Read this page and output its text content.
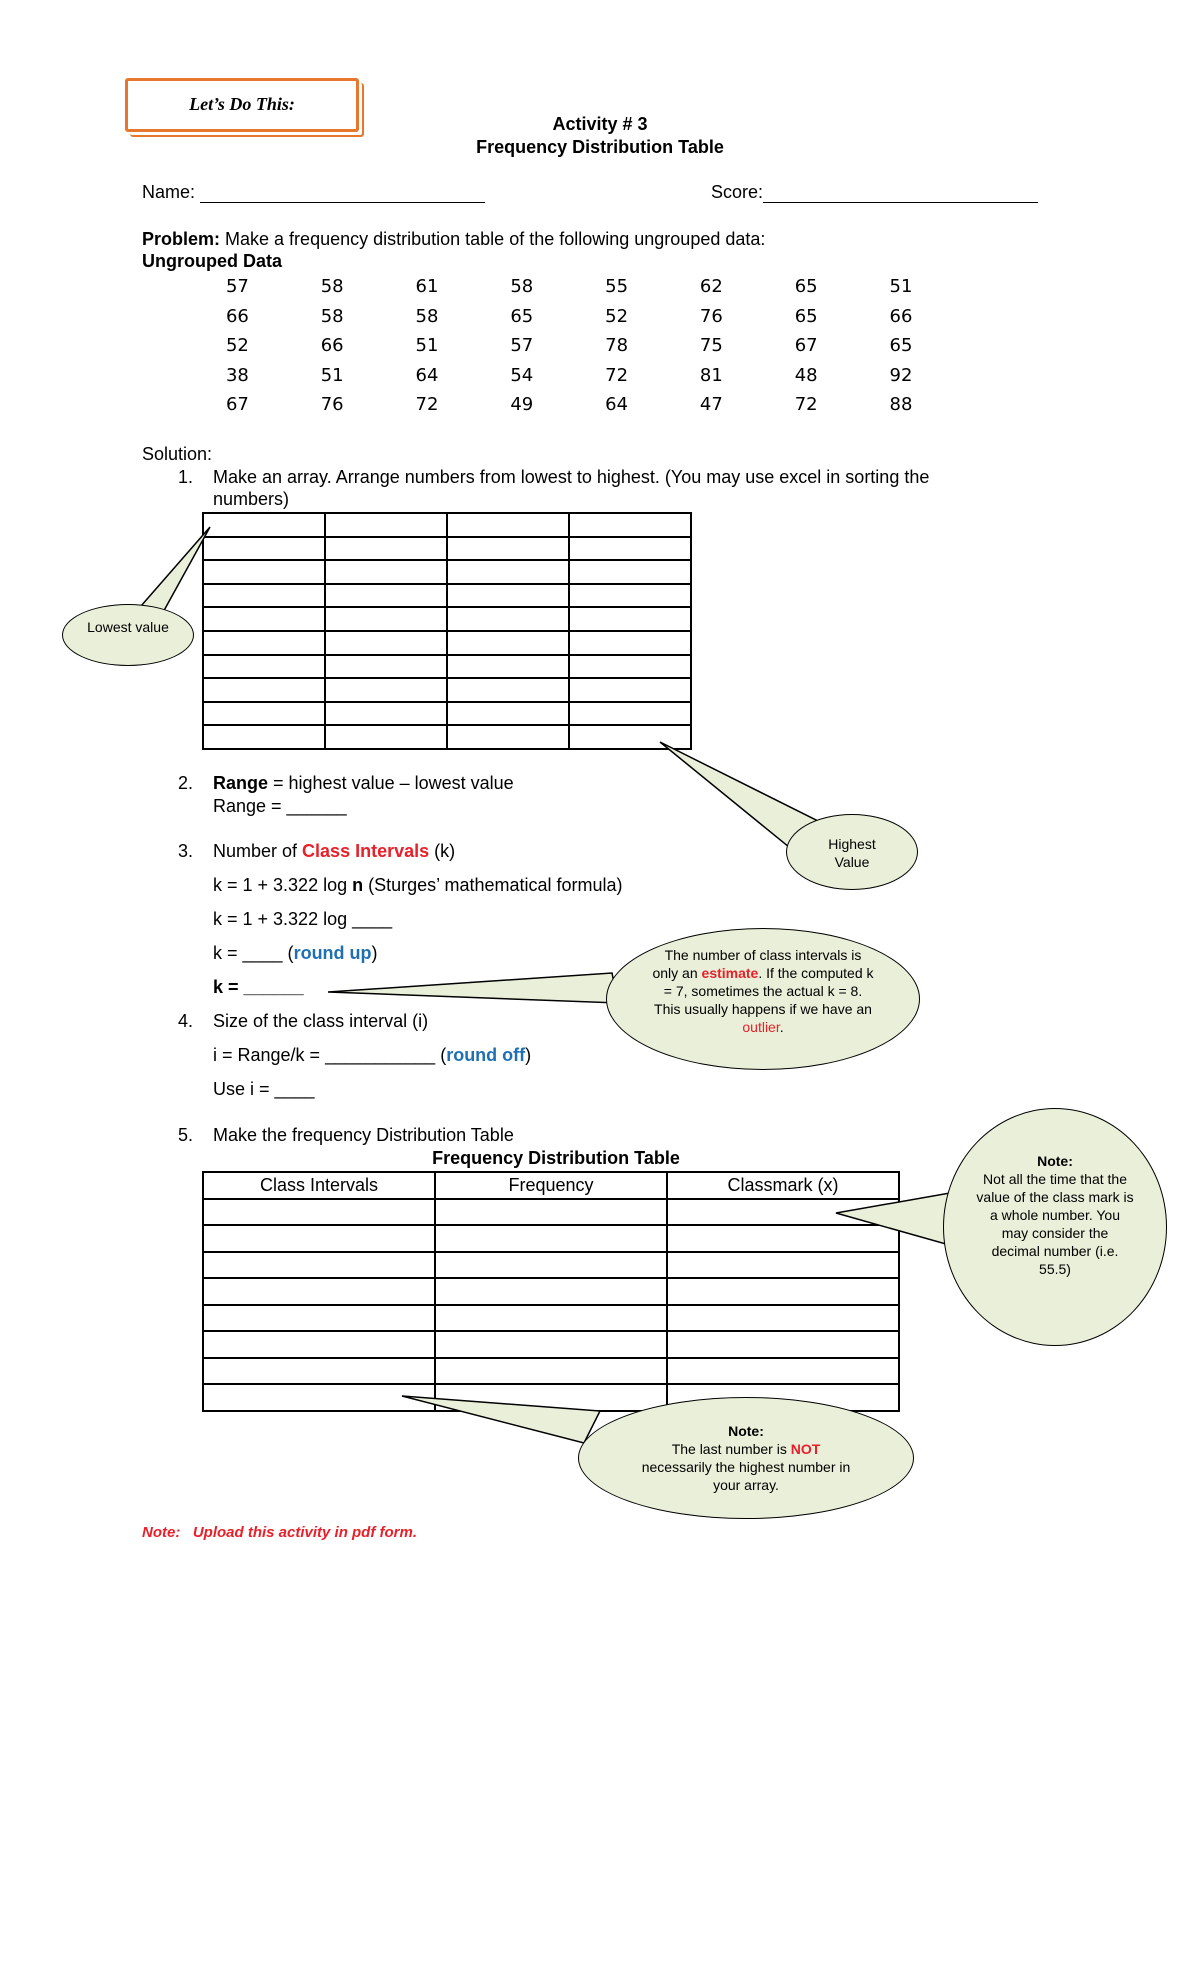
Let’s Do This:
Activity # 3
Frequency Distribution Table
Name:	Score:
Problem: Make a frequency distribution table of the following ungrouped data:
Ungrouped Data
57	58	61	58	55	62	65	51
66	58	58	65	52	76	65	66
52	66	51	57	78	75	67	65
38	51	64	54	72	81	48	92
67	76	72	49	64	47	72	88
Solution:
1. Make an array. Arrange numbers from lowest to highest. (You may use excel in sorting the
numbers)

2. Range = highest value – lowest value
Range = ______
3. Number of Class Intervals (k)
k = 1 + 3.322 log n (Sturges’ mathematical formula)
k = 1 + 3.322 log ____
k = ____ (round up)
k = ______
4. Size of the class interval (i)
i = Range/k = ___________ (round off)
Use i = ____
5. Make the frequency Distribution Table
Frequency Distribution Table
Class Intervals	Frequency	Classmark (x)

Lowest value
Highest Value
The number of class intervals is only an estimate. If the computed k = 7, sometimes the actual k = 8. This usually happens if we have an outlier.
Note:
Not all the time that the value of the class mark is a whole number. You may consider the decimal number (i.e. 55.5)
Note:
The last number is NOT necessarily the highest number in your array.
Note:   Upload this activity in pdf form.
